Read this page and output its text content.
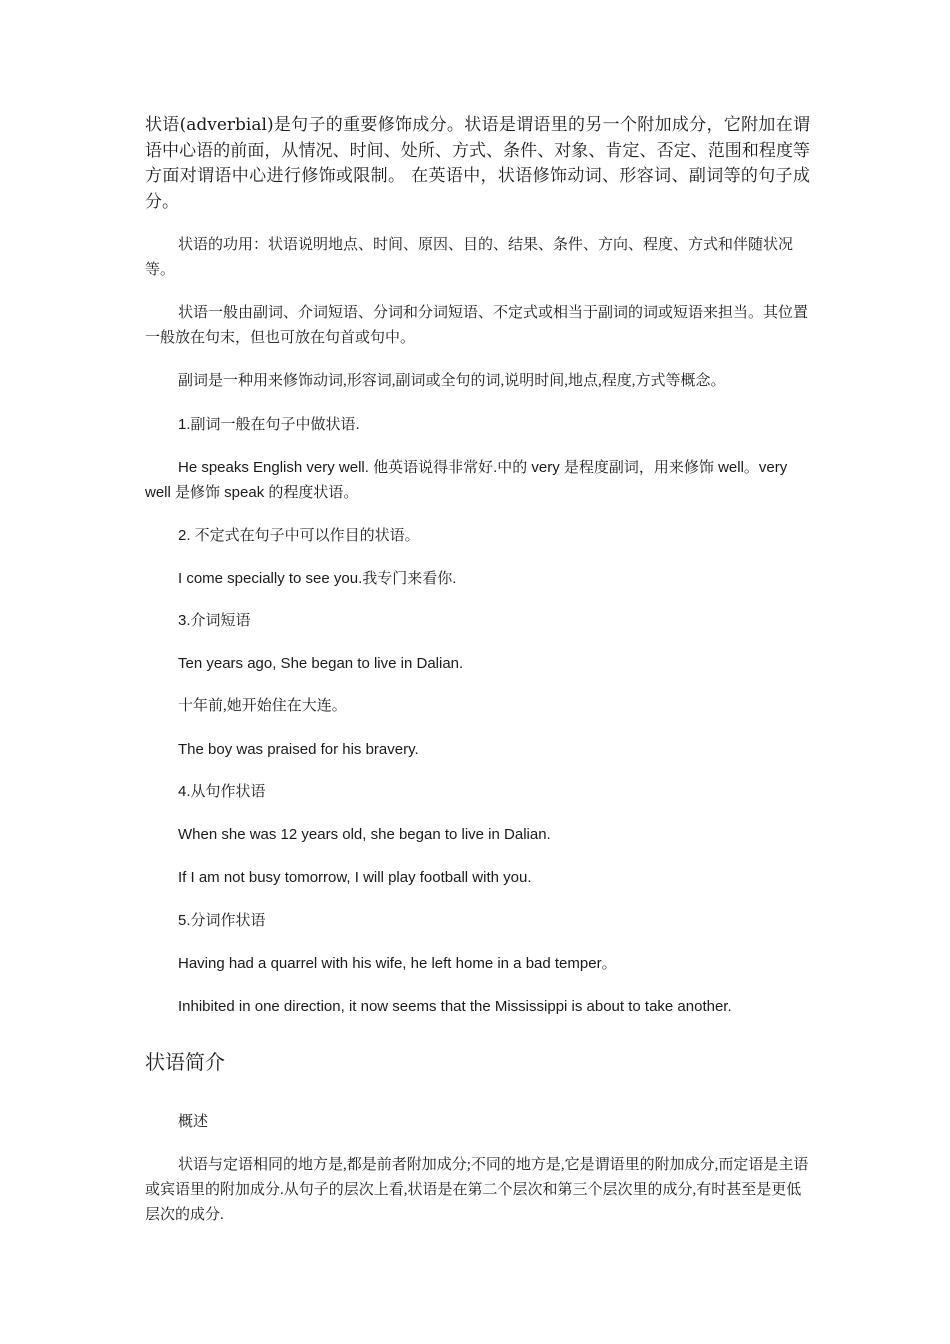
状语(adverbial)是句子的重要修饰成分。状语是谓语里的另一个附加成分，它附加在谓语中心语的前面，从情况、时间、处所、方式、条件、对象、肯定、否定、范围和程度等方面对谓语中心进行修饰或限制。 在英语中，状语修饰动词、形容词、副词等的句子成分。

状语的功用：状语说明地点、时间、原因、目的、结果、条件、方向、程度、方式和伴随状况等。

状语一般由副词、介词短语、分词和分词短语、不定式或相当于副词的词或短语来担当。其位置一般放在句末，但也可放在句首或句中。

副词是一种用来修饰动词,形容词,副词或全句的词,说明时间,地点,程度,方式等概念。

1.副词一般在句子中做状语.

He speaks English very well. 他英语说得非常好.中的 very 是程度副词，用来修饰 well。very well 是修饰 speak 的程度状语。

2. 不定式在句子中可以作目的状语。

I come specially to see you.我专门来看你.

3.介词短语

Ten years ago, She began to live in Dalian.

十年前,她开始住在大连。

The boy was praised for his bravery.

4.从句作状语

When she was 12 years old, she began to live in Dalian.

If I am not busy tomorrow, I will play football with you.

5.分词作状语

Having had a quarrel with his wife, he left home in a bad temper。

Inhibited in one direction, it now seems that the Mississippi is about to take another.

状语简介

概述

状语与定语相同的地方是,都是前者附加成分;不同的地方是,它是谓语里的附加成分,而定语是主语或宾语里的附加成分.从句子的层次上看,状语是在第二个层次和第三个层次里的成分,有时甚至是更低层次的成分.
